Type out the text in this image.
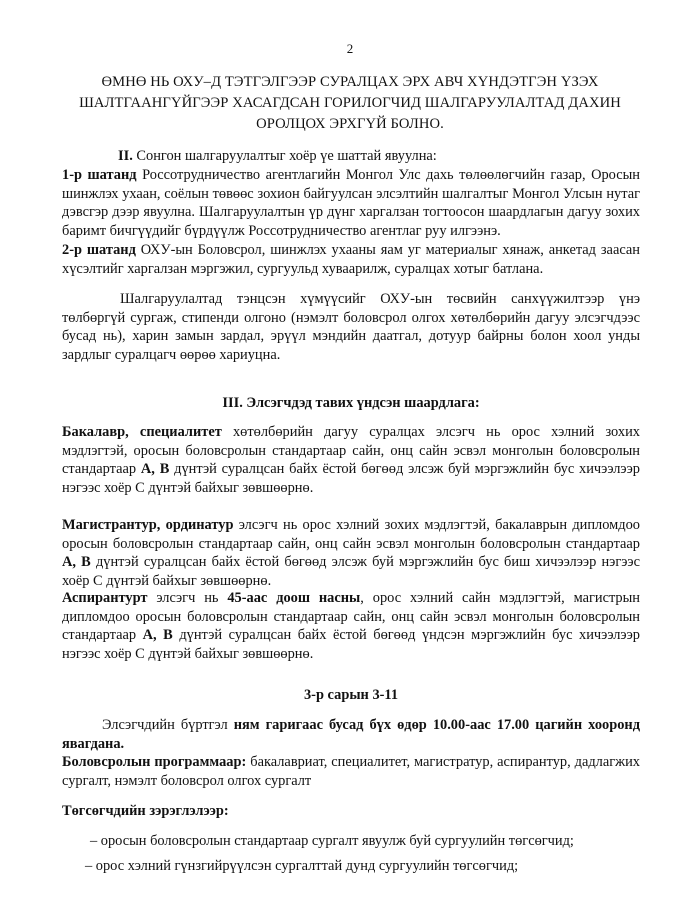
2
ӨМНӨ НЬ ОХУ–Д ТЭТГЭЛГЭЭР СУРАЛЦАХ ЭРХ АВЧ ХҮНДЭТГЭН ҮЗЭХ ШАЛТГААНГҮЙГЭЭР ХАСАГДСАН ГОРИЛОГЧИД ШАЛГАРУУЛАЛТАД ДАХИН ОРОЛЦОХ ЭРХГҮЙ БОЛНО.
II. Сонгон шалгаруулалтыг хоёр үе шаттай явуулна:
1-р шатанд Россотрудничество агентлагийн Монгол Улс дахь төлөөлөгчийн газар, Оросын шинжлэх ухаан, соёлын төвөөс зохион байгуулсан элсэлтийн шалгалтыг Монгол Улсын нутаг дэвсгэр дээр явуулна. Шалгаруулалтын үр дүнг харгалзан тогтоосон шаардлагын дагуу зохих баримт бичгүүдийг бүрдүүлж Россотрудничество агентлаг руу илгээнэ.
2-р шатанд ОХУ-ын Боловсрол, шинжлэх ухааны яам уг материалыг хянаж, анкетад заасан хүсэлтийг харгалзан мэргэжил, сургуульд хуваарилж, суралцах хотыг батлана.
Шалгаруулалтад тэнцсэн хүмүүсийг ОХУ-ын төсвийн санхүүжилтээр үнэ төлбөргүй сургаж, стипенди олгоно (нэмэлт боловсрол олгох хөтөлбөрийн дагуу элсэгчдээс бусад нь), харин замын зардал, эрүүл мэндийн даатгал, дотуур байрны болон хоол унды зардлыг суралцагч өөрөө хариуцна.
III. Элсэгчдэд тавих үндсэн шаардлага:
Бакалавр, специалитет хөтөлбөрийн дагуу суралцах элсэгч нь орос хэлний зохих мэдлэгтэй, оросын боловсролын стандартаар сайн, онц сайн эсвэл монголын боловсролын стандартаар А, В дүнтэй суралцсан байх ёстой бөгөөд элсэж буй мэргэжлийн бус хичээлээр нэгээс хоёр С дүнтэй байхыг зөвшөөрнө.
Магистрантур, ординатур элсэгч нь орос хэлний зохих мэдлэгтэй, бакалаврын дипломдоо оросын боловсролын стандартаар сайн, онц сайн эсвэл монголын боловсролын стандартаар А, В дүнтэй суралцсан байх ёстой бөгөөд элсэж буй мэргэжлийн бус биш хичээлээр нэгээс хоёр С дүнтэй байхыг зөвшөөрнө.
Аспирантурт элсэгч нь 45-аас доош насны, орос хэлний сайн мэдлэгтэй, магистрын дипломдоо оросын боловсролын стандартаар сайн, онц сайн эсвэл монголын боловсролын стандартаар А, В дүнтэй суралцсан байх ёстой бөгөөд үндсэн мэргэжлийн бус хичээлээр нэгээс хоёр С дүнтэй байхыг зөвшөөрнө.
3-р сарын 3-11
Элсэгчдийн бүртгэл ням гаригаас бусад бүх өдөр 10.00-аас 17.00 цагийн хооронд явагдана.
Боловсролын программаар: бакалавриат, специалитет, магистратур, аспирантур, дадлагжих сургалт, нэмэлт боловсрол олгох сургалт
Төгсөгчдийн зэрэглэлээр:
– оросын боловсролын стандартаар сургалт явуулж буй сургуулийн төгсөгчид;
– орос хэлний гүнзгийрүүлсэн сургалттай дунд сургуулийн төгсөгчид;
